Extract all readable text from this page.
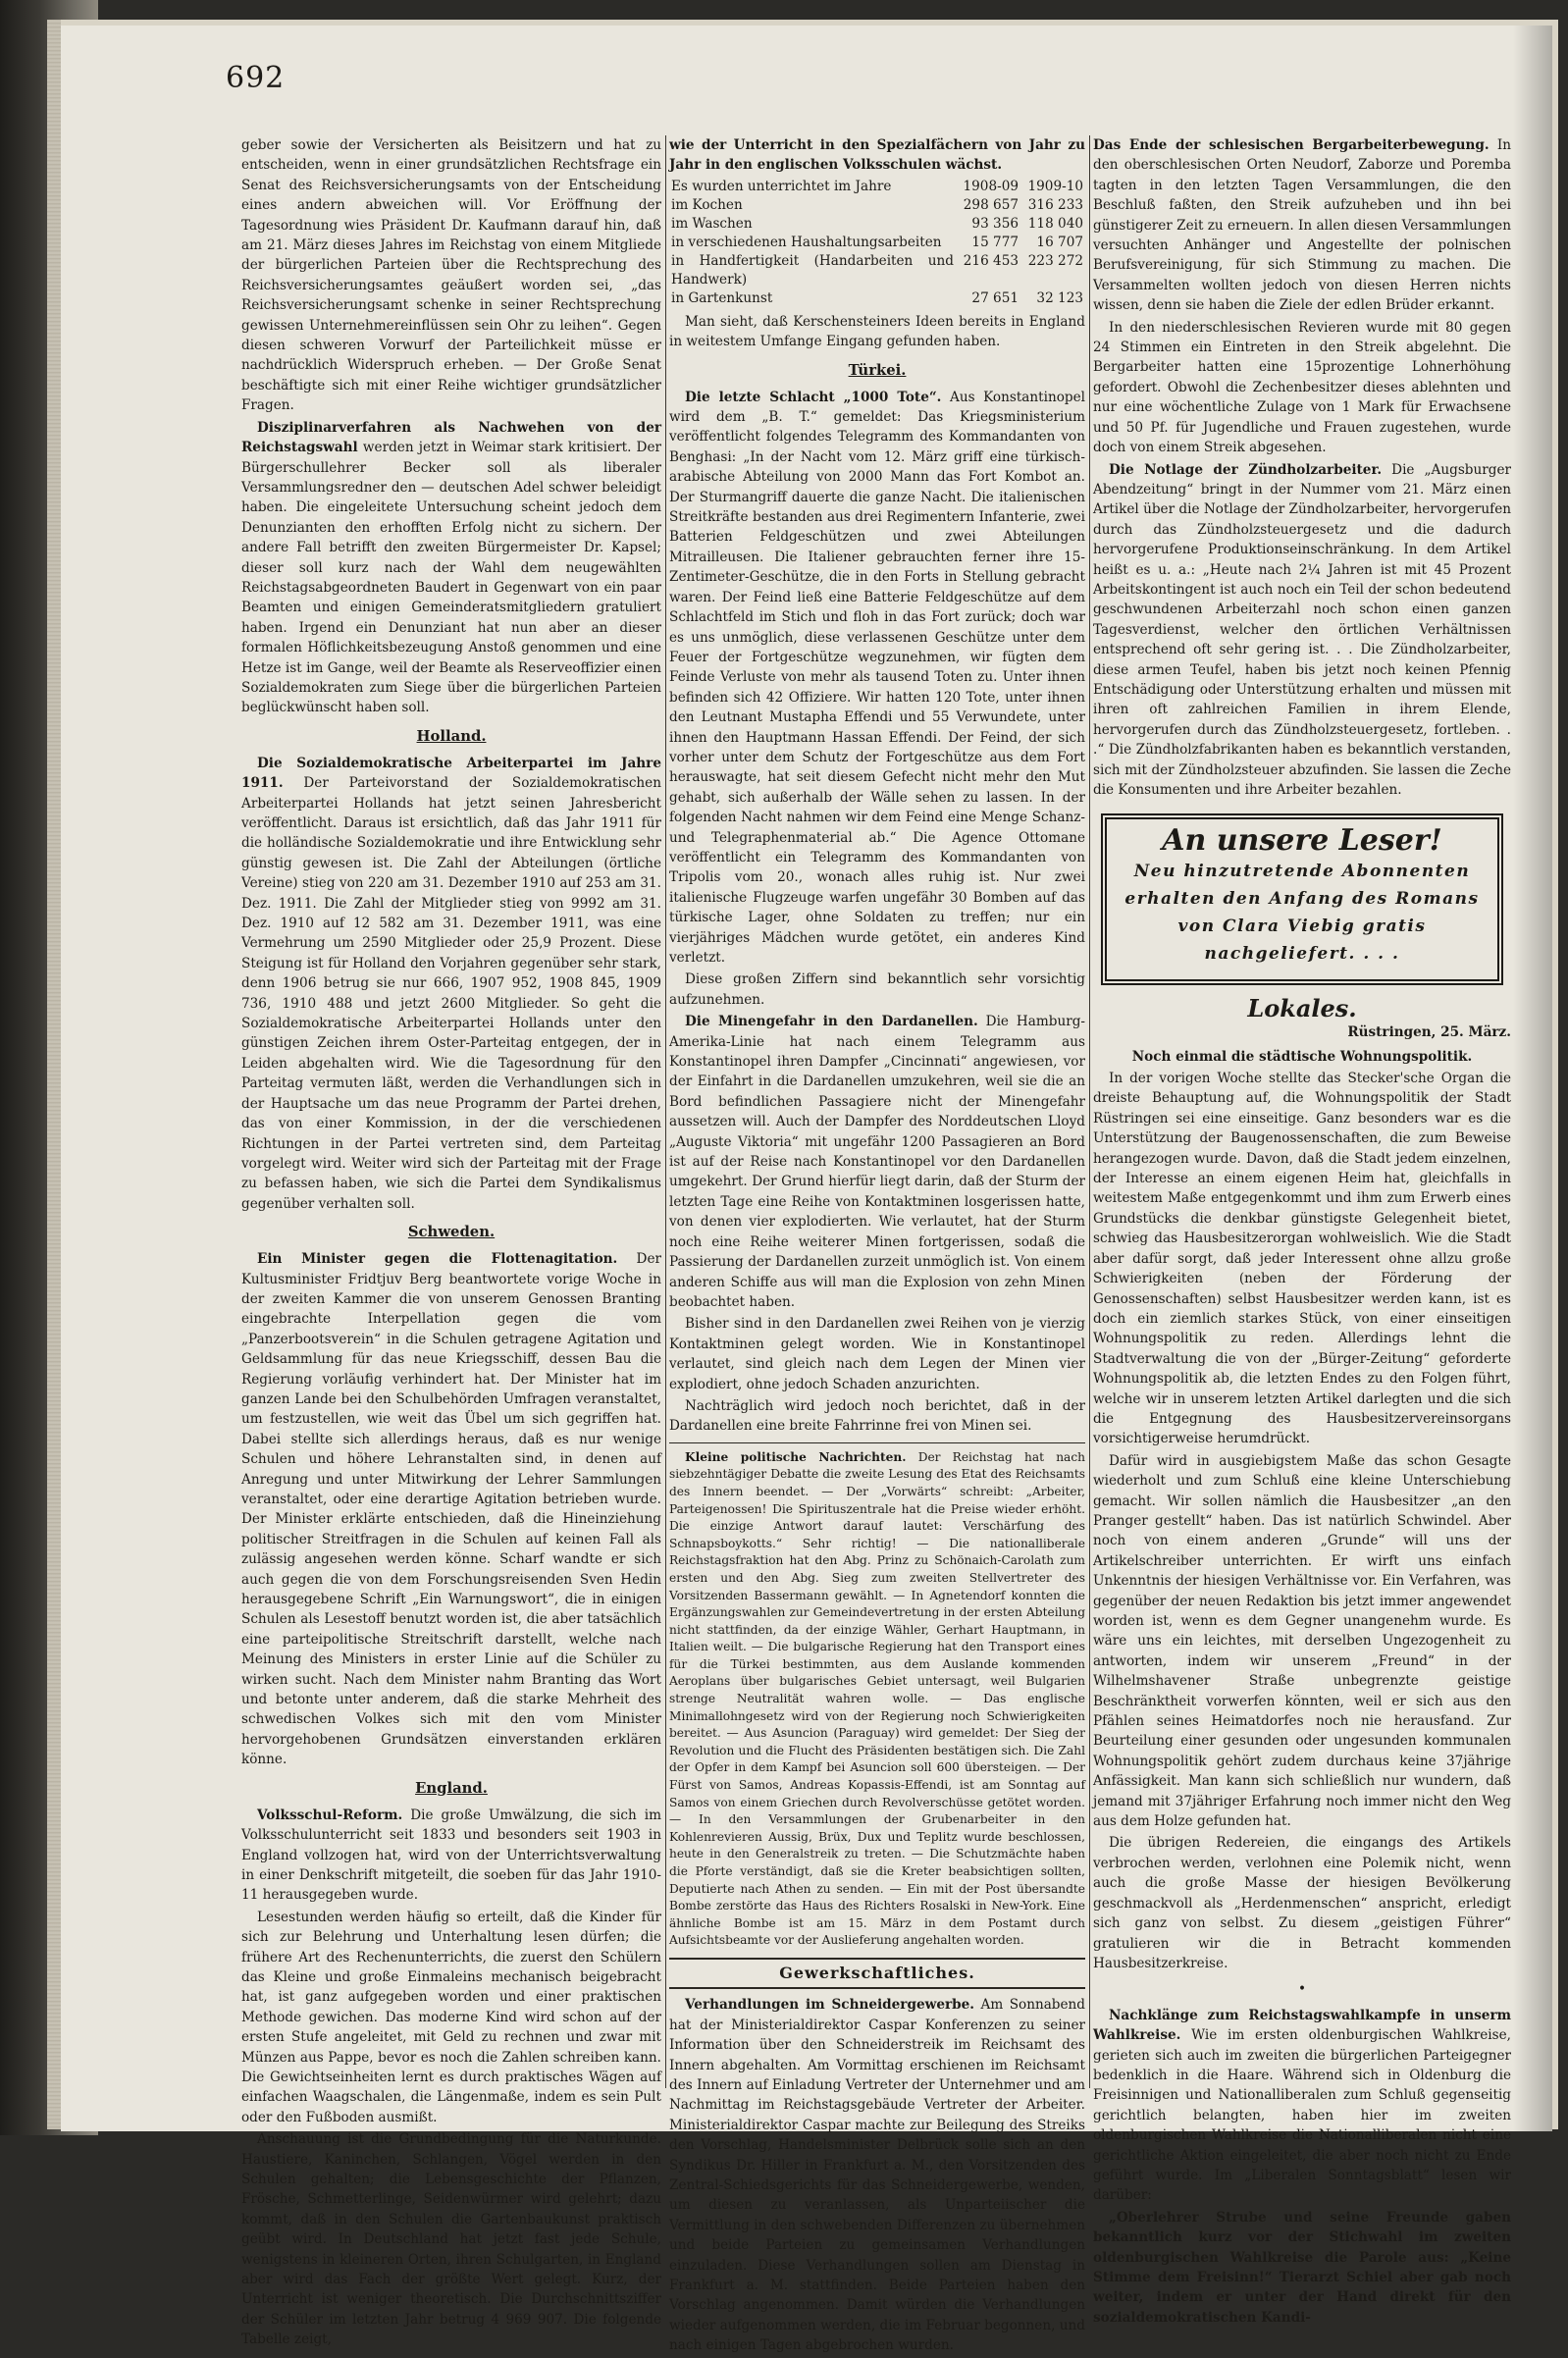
692

geber sowie der Versicherten als Beisitzern und hat zu entscheiden, wenn in einer grundsätzlichen Rechtsfrage ein Senat des Reichsversicherungsamts von der Entscheidung eines andern abweichen will. Vor Eröffnung der Tagesordnung wies Präsident Dr. Kaufmann darauf hin, daß am 21. März dieses Jahres im Reichstag von einem Mitgliede der bürgerlichen Parteien über die Rechtsprechung des Reichsversicherungsamtes geäußert worden sei, „das Reichsversicherungsamt schenke in seiner Rechtsprechung gewissen Unternehmereinflüssen sein Ohr zu leihen“. Gegen diesen schweren Vorwurf der Parteilichkeit müsse er nachdrücklich Widerspruch erheben. — Der Große Senat beschäftigte sich mit einer Reihe wichtiger grundsätzlicher Fragen.

Disziplinarverfahren als Nachwehen von der Reichstagswahl werden jetzt in Weimar stark kritisiert. Der Bürgerschullehrer Becker soll als liberaler Versammlungsredner den — deutschen Adel schwer beleidigt haben. Die eingeleitete Untersuchung scheint jedoch dem Denunzianten den erhofften Erfolg nicht zu sichern. Der andere Fall betrifft den zweiten Bürgermeister Dr. Kapsel; dieser soll kurz nach der Wahl dem neugewählten Reichstagsabgeordneten Baudert in Gegenwart von ein paar Beamten und einigen Gemeinderatsmitgliedern gratuliert haben. Irgend ein Denunziant hat nun aber an dieser formalen Höflichkeitsbezeugung Anstoß genommen und eine Hetze ist im Gange, weil der Beamte als Reserveoffizier einen Sozialdemokraten zum Siege über die bürgerlichen Parteien beglückwünscht haben soll.

Holland.

Die Sozialdemokratische Arbeiterpartei im Jahre 1911. Der Parteivorstand der Sozialdemokratischen Arbeiterpartei Hollands hat jetzt seinen Jahresbericht veröffentlicht. Daraus ist ersichtlich, daß das Jahr 1911 für die holländische Sozialdemokratie und ihre Entwicklung sehr günstig gewesen ist. Die Zahl der Abteilungen (örtliche Vereine) stieg von 220 am 31. Dezember 1910 auf 253 am 31. Dez. 1911. Die Zahl der Mitglieder stieg von 9992 am 31. Dez. 1910 auf 12 582 am 31. Dezember 1911, was eine Vermehrung um 2590 Mitglieder oder 25,9 Prozent. Diese Steigung ist für Holland den Vorjahren gegenüber sehr stark, denn 1906 betrug sie nur 666, 1907 952, 1908 845, 1909 736, 1910 488 und jetzt 2600 Mitglieder. So geht die Sozialdemokratische Arbeiterpartei Hollands unter den günstigen Zeichen ihrem Oster-Parteitag entgegen, der in Leiden abgehalten wird. Wie die Tagesordnung für den Parteitag vermuten läßt, werden die Verhandlungen sich in der Hauptsache um das neue Programm der Partei drehen, das von einer Kommission, in der die verschiedenen Richtungen in der Partei vertreten sind, dem Parteitag vorgelegt wird. Weiter wird sich der Parteitag mit der Frage zu befassen haben, wie sich die Partei dem Syndikalismus gegenüber verhalten soll.

Schweden.

Ein Minister gegen die Flottenagitation. Der Kultusminister Fridtjuv Berg beantwortete vorige Woche in der zweiten Kammer die von unserem Genossen Branting eingebrachte Interpellation gegen die vom „Panzerbootsverein“ in die Schulen getragene Agitation und Geldsammlung für das neue Kriegsschiff, dessen Bau die Regierung vorläufig verhindert hat. Der Minister hat im ganzen Lande bei den Schulbehörden Umfragen veranstaltet, um festzustellen, wie weit das Übel um sich gegriffen hat. Dabei stellte sich allerdings heraus, daß es nur wenige Schulen und höhere Lehranstalten sind, in denen auf Anregung und unter Mitwirkung der Lehrer Sammlungen veranstaltet, oder eine derartige Agitation betrieben wurde. Der Minister erklärte entschieden, daß die Hineinziehung politischer Streitfragen in die Schulen auf keinen Fall als zulässig angesehen werden könne. Scharf wandte er sich auch gegen die von dem Forschungsreisenden Sven Hedin herausgegebene Schrift „Ein Warnungswort“, die in einigen Schulen als Lesestoff benutzt worden ist, die aber tatsächlich eine parteipolitische Streitschrift darstellt, welche nach Meinung des Ministers in erster Linie auf die Schüler zu wirken sucht. Nach dem Minister nahm Branting das Wort und betonte unter anderem, daß die starke Mehrheit des schwedischen Volkes sich mit den vom Minister hervorgehobenen Grundsätzen einverstanden erklären könne.

England.

Volksschul-Reform. Die große Umwälzung, die sich im Volksschulunterricht seit 1833 und besonders seit 1903 in England vollzogen hat, wird von der Unterrichtsverwaltung in einer Denkschrift mitgeteilt, die soeben für das Jahr 1910-11 herausgegeben wurde.

Lesestunden werden häufig so erteilt, daß die Kinder für sich zur Belehrung und Unterhaltung lesen dürfen; die frühere Art des Rechenunterrichts, die zuerst den Schülern das Kleine und große Einmaleins mechanisch beigebracht hat, ist ganz aufgegeben worden und einer praktischen Methode gewichen. Das moderne Kind wird schon auf der ersten Stufe angeleitet, mit Geld zu rechnen und zwar mit Münzen aus Pappe, bevor es noch die Zahlen schreiben kann. Die Gewichtseinheiten lernt es durch praktisches Wägen auf einfachen Waagschalen, die Längenmaße, indem es sein Pult oder den Fußboden ausmißt.

Anschauung ist die Grundbedingung für die Naturkunde. Haustiere, Kaninchen, Schlangen, Vögel werden in den Schulen gehalten; die Lebensgeschichte der Pflanzen, Frösche, Schmetterlinge, Seidenwürmer wird gelehrt; dazu kommt, daß in den Schulen die Gartenbaukunst praktisch geübt wird. In Deutschland hat jetzt fast jede Schule, wenigstens in kleineren Orten, ihren Schulgarten, in England aber wird das Fach der größte Wert gelegt. Kurz, der Unterricht ist weniger theoretisch. Die Durchschnittsziffer der Schüler im letzten Jahr betrug 4 969 907. Die folgende Tabelle zeigt,

wie der Unterricht in den Spezialfächern von Jahr zu Jahr in den englischen Volksschulen wächst.

Es wurden unterrichtet im Jahre	1908-09	1909-10
im Kochen	298 657	316 233
im Waschen	93 356	118 040
in verschiedenen Haushaltungsarbeiten	15 777	16 707
in Handfertigkeit (Handarbeiten und Handwerk)	216 453	223 272
in Gartenkunst	27 651	32 123

Man sieht, daß Kerschensteiners Ideen bereits in England in weitestem Umfange Eingang gefunden haben.

Türkei.

Die letzte Schlacht „1000 Tote“. Aus Konstantinopel wird dem „B. T.“ gemeldet: Das Kriegsministerium veröffentlicht folgendes Telegramm des Kommandanten von Benghasi: „In der Nacht vom 12. März griff eine türkisch-arabische Abteilung von 2000 Mann das Fort Kombot an. Der Sturmangriff dauerte die ganze Nacht. Die italienischen Streitkräfte bestanden aus drei Regimentern Infanterie, zwei Batterien Feldgeschützen und zwei Abteilungen Mitrailleusen. Die Italiener gebrauchten ferner ihre 15-Zentimeter-Geschütze, die in den Forts in Stellung gebracht waren. Der Feind ließ eine Batterie Feldgeschütze auf dem Schlachtfeld im Stich und floh in das Fort zurück; doch war es uns unmöglich, diese verlassenen Geschütze unter dem Feuer der Fortgeschütze wegzunehmen, wir fügten dem Feinde Verluste von mehr als tausend Toten zu. Unter ihnen befinden sich 42 Offiziere. Wir hatten 120 Tote, unter ihnen den Leutnant Mustapha Effendi und 55 Verwundete, unter ihnen den Hauptmann Hassan Effendi. Der Feind, der sich vorher unter dem Schutz der Fortgeschütze aus dem Fort herauswagte, hat seit diesem Gefecht nicht mehr den Mut gehabt, sich außerhalb der Wälle sehen zu lassen. In der folgenden Nacht nahmen wir dem Feind eine Menge Schanz- und Telegraphenmaterial ab.“ Die Agence Ottomane veröffentlicht ein Telegramm des Kommandanten von Tripolis vom 20., wonach alles ruhig ist. Nur zwei italienische Flugzeuge warfen ungefähr 30 Bomben auf das türkische Lager, ohne Soldaten zu treffen; nur ein vierjähriges Mädchen wurde getötet, ein anderes Kind verletzt.

Diese großen Ziffern sind bekanntlich sehr vorsichtig aufzunehmen.

Die Minengefahr in den Dardanellen. Die Hamburg-Amerika-Linie hat nach einem Telegramm aus Konstantinopel ihren Dampfer „Cincinnati“ angewiesen, vor der Einfahrt in die Dardanellen umzukehren, weil sie die an Bord befindlichen Passagiere nicht der Minengefahr aussetzen will. Auch der Dampfer des Norddeutschen Lloyd „Auguste Viktoria“ mit ungefähr 1200 Passagieren an Bord ist auf der Reise nach Konstantinopel vor den Dardanellen umgekehrt. Der Grund hierfür liegt darin, daß der Sturm der letzten Tage eine Reihe von Kontaktminen losgerissen hatte, von denen vier explodierten. Wie verlautet, hat der Sturm noch eine Reihe weiterer Minen fortgerissen, sodaß die Passierung der Dardanellen zurzeit unmöglich ist. Von einem anderen Schiffe aus will man die Explosion von zehn Minen beobachtet haben.

Bisher sind in den Dardanellen zwei Reihen von je vierzig Kontaktminen gelegt worden. Wie in Konstantinopel verlautet, sind gleich nach dem Legen der Minen vier explodiert, ohne jedoch Schaden anzurichten.

Nachträglich wird jedoch noch berichtet, daß in der Dardanellen eine breite Fahrrinne frei von Minen sei.

Kleine politische Nachrichten. Der Reichstag hat nach siebzehntägiger Debatte die zweite Lesung des Etat des Reichsamts des Innern beendet. — Der „Vorwärts“ schreibt: „Arbeiter, Parteigenossen! Die Spirituszentrale hat die Preise wieder erhöht. Die einzige Antwort darauf lautet: Verschärfung des Schnapsboykotts.“ Sehr richtig! — Die nationalliberale Reichstagsfraktion hat den Abg. Prinz zu Schönaich-Carolath zum ersten und den Abg. Sieg zum zweiten Stellvertreter des Vorsitzenden Bassermann gewählt. — In Agnetendorf konnten die Ergänzungswahlen zur Gemeindevertretung in der ersten Abteilung nicht stattfinden, da der einzige Wähler, Gerhart Hauptmann, in Italien weilt. — Die bulgarische Regierung hat den Transport eines für die Türkei bestimmten, aus dem Auslande kommenden Aeroplans über bulgarisches Gebiet untersagt, weil Bulgarien strenge Neutralität wahren wolle. — Das englische Minimallohngesetz wird von der Regierung noch Schwierigkeiten bereitet. — Aus Asuncion (Paraguay) wird gemeldet: Der Sieg der Revolution und die Flucht des Präsidenten bestätigen sich. Die Zahl der Opfer in dem Kampf bei Asuncion soll 600 übersteigen. — Der Fürst von Samos, Andreas Kopassis-Effendi, ist am Sonntag auf Samos von einem Griechen durch Revolverschüsse getötet worden. — In den Versammlungen der Grubenarbeiter in den Kohlenrevieren Aussig, Brüx, Dux und Teplitz wurde beschlossen, heute in den Generalstreik zu treten. — Die Schutzmächte haben die Pforte verständigt, daß sie die Kreter beabsichtigen sollten, Deputierte nach Athen zu senden. — Ein mit der Post übersandte Bombe zerstörte das Haus des Richters Rosalski in New-York. Eine ähnliche Bombe ist am 15. März in dem Postamt durch Aufsichtsbeamte vor der Auslieferung angehalten worden.

Gewerkschaftliches.

Verhandlungen im Schneidergewerbe. Am Sonnabend hat der Ministerialdirektor Caspar Konferenzen zu seiner Information über den Schneiderstreik im Reichsamt des Innern abgehalten. Am Vormittag erschienen im Reichsamt des Innern auf Einladung Vertreter der Unternehmer und am Nachmittag im Reichstagsgebäude Vertreter der Arbeiter. Ministerialdirektor Caspar machte zur Beilegung des Streiks den Vorschlag, Handelsminister Delbrück solle sich an den Syndikus Dr. Hiller in Frankfurt a. M., den Vorsitzenden des Zentral-Schiedsgerichts für das Schneidergewerbe, wenden, um diesen zu veranlassen, als Unparteiischer die Vermittlung in den schwebenden Differenzen zu übernehmen und beide Parteien zu gemeinsamen Verhandlungen einzuladen. Diese Verhandlungen sollen am Dienstag in Frankfurt a. M. stattfinden. Beide Parteien haben den Vorschlag angenommen. Damit würden die Verhandlungen wieder aufgenommen werden, die im Februar begonnen, und nach einigen Tagen abgebrochen wurden.

Das Ende der schlesischen Bergarbeiterbewegung. In den oberschlesischen Orten Neudorf, Zaborze und Poremba tagten in den letzten Tagen Versammlungen, die den Beschluß faßten, den Streik aufzuheben und ihn bei günstigerer Zeit zu erneuern. In allen diesen Versammlungen versuchten Anhänger und Angestellte der polnischen Berufsvereinigung, für sich Stimmung zu machen. Die Versammelten wollten jedoch von diesen Herren nichts wissen, denn sie haben die Ziele der edlen Brüder erkannt.

In den niederschlesischen Revieren wurde mit 80 gegen 24 Stimmen ein Eintreten in den Streik abgelehnt. Die Bergarbeiter hatten eine 15prozentige Lohnerhöhung gefordert. Obwohl die Zechenbesitzer dieses ablehnten und nur eine wöchentliche Zulage von 1 Mark für Erwachsene und 50 Pf. für Jugendliche und Frauen zugestehen, wurde doch von einem Streik abgesehen.

Die Notlage der Zündholzarbeiter. Die „Augsburger Abendzeitung“ bringt in der Nummer vom 21. März einen Artikel über die Notlage der Zündholzarbeiter, hervorgerufen durch das Zündholzsteuergesetz und die dadurch hervorgerufene Produktionseinschränkung. In dem Artikel heißt es u. a.: „Heute nach 2¼ Jahren ist mit 45 Prozent Arbeitskontingent ist auch noch ein Teil der schon bedeutend geschwundenen Arbeiterzahl noch schon einen ganzen Tagesverdienst, welcher den örtlichen Verhältnissen entsprechend oft sehr gering ist. . . Die Zündholzarbeiter, diese armen Teufel, haben bis jetzt noch keinen Pfennig Entschädigung oder Unterstützung erhalten und müssen mit ihren oft zahlreichen Familien in ihrem Elende, hervorgerufen durch das Zündholzsteuergesetz, fortleben. . .“ Die Zündholzfabrikanten haben es bekanntlich verstanden, sich mit der Zündholzsteuer abzufinden. Sie lassen die Zeche die Konsumenten und ihre Arbeiter bezahlen.

An unsere Leser!
Neu hinzutretende Abonnenten erhalten den Anfang des Romans von Clara Viebig gratis nachgeliefert. . . .
Lokales.
Rüstringen, 25. März.
Noch einmal die städtische Wohnungspolitik.

In der vorigen Woche stellte das Stecker'sche Organ die dreiste Behauptung auf, die Wohnungspolitik der Stadt Rüstringen sei eine einseitige. Ganz besonders war es die Unterstützung der Baugenossenschaften, die zum Beweise herangezogen wurde. Davon, daß die Stadt jedem einzelnen, der Interesse an einem eigenen Heim hat, gleichfalls in weitestem Maße entgegenkommt und ihm zum Erwerb eines Grundstücks die denkbar günstigste Gelegenheit bietet, schwieg das Hausbesitzerorgan wohlweislich. Wie die Stadt aber dafür sorgt, daß jeder Interessent ohne allzu große Schwierigkeiten (neben der Förderung der Genossenschaften) selbst Hausbesitzer werden kann, ist es doch ein ziemlich starkes Stück, von einer einseitigen Wohnungspolitik zu reden. Allerdings lehnt die Stadtverwaltung die von der „Bürger-Zeitung“ geforderte Wohnungspolitik ab, die letzten Endes zu den Folgen führt, welche wir in unserem letzten Artikel darlegten und die sich die Entgegnung des Hausbesitzervereinsorgans vorsichtigerweise herumdrückt.

Dafür wird in ausgiebigstem Maße das schon Gesagte wiederholt und zum Schluß eine kleine Unterschiebung gemacht. Wir sollen nämlich die Hausbesitzer „an den Pranger gestellt“ haben. Das ist natürlich Schwindel. Aber noch von einem anderen „Grunde“ will uns der Artikelschreiber unterrichten. Er wirft uns einfach Unkenntnis der hiesigen Verhältnisse vor. Ein Verfahren, was gegenüber der neuen Redaktion bis jetzt immer angewendet worden ist, wenn es dem Gegner unangenehm wurde. Es wäre uns ein leichtes, mit derselben Ungezogenheit zu antworten, indem wir unserem „Freund“ in der Wilhelmshavener Straße unbegrenzte geistige Beschränktheit vorwerfen könnten, weil er sich aus den Pfählen seines Heimatdorfes noch nie herausfand. Zur Beurteilung einer gesunden oder ungesunden kommunalen Wohnungspolitik gehört zudem durchaus keine 37jährige Anfässigkeit. Man kann sich schließlich nur wundern, daß jemand mit 37jähriger Erfahrung noch immer nicht den Weg aus dem Holze gefunden hat.

Die übrigen Redereien, die eingangs des Artikels verbrochen werden, verlohnen eine Polemik nicht, wenn auch die große Masse der hiesigen Bevölkerung geschmackvoll als „Herdenmenschen“ anspricht, erledigt sich ganz von selbst. Zu diesem „geistigen Führer“ gratulieren wir die in Betracht kommenden Hausbesitzerkreise.

•

Nachklänge zum Reichstagswahlkampfe in unserm Wahlkreise. Wie im ersten oldenburgischen Wahlkreise, gerieten sich auch im zweiten die bürgerlichen Parteigegner bedenklich in die Haare. Während sich in Oldenburg die Freisinnigen und Nationalliberalen zum Schluß gegenseitig gerichtlich belangten, haben hier im zweiten oldenburgischen Wahlkreise die Nationalliberalen nicht eine gerichtliche Aktion eingeleitet, die aber noch nicht zu Ende geführt wurde. Im „Liberalen Sonntagsblatt“ lesen wir darüber:

„Oberlehrer Strube und seine Freunde gaben bekanntlich kurz vor der Stichwahl im zweiten oldenburgischen Wahlkreise die Parole aus: „Keine Stimme dem Freisinn!“ Tierarzt Schiel aber gab noch weiter, indem er unter der Hand direkt für den sozialdemokratischen Kandi-
